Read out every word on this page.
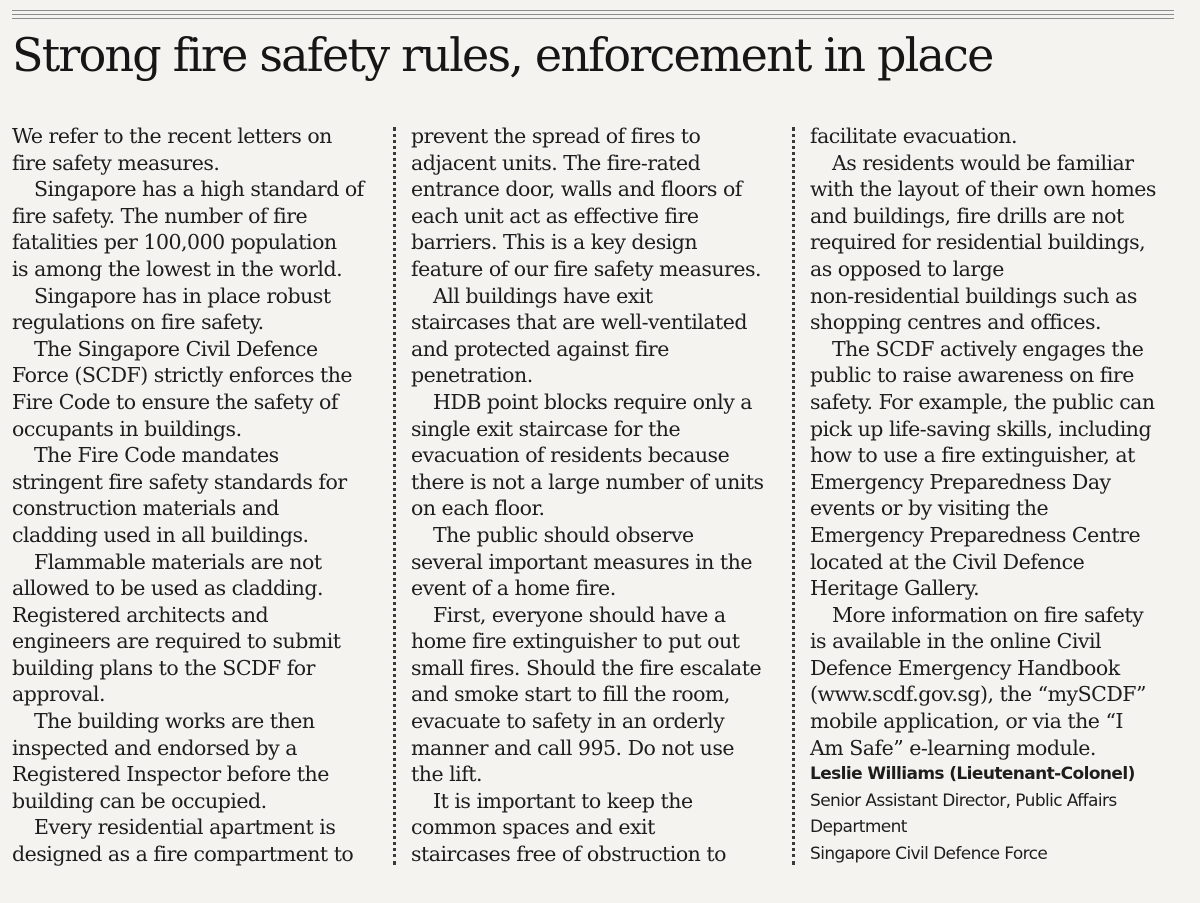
Strong fire safety rules, enforcement in place
We refer to the recent letters on
fire safety measures.
Singapore has a high standard of
fire safety. The number of fire
fatalities per 100,000 population
is among the lowest in the world.
Singapore has in place robust
regulations on fire safety.
The Singapore Civil Defence
Force (SCDF) strictly enforces the
Fire Code to ensure the safety of
occupants in buildings.
The Fire Code mandates
stringent fire safety standards for
construction materials and
cladding used in all buildings.
Flammable materials are not
allowed to be used as cladding.
Registered architects and
engineers are required to submit
building plans to the SCDF for
approval.
The building works are then
inspected and endorsed by a
Registered Inspector before the
building can be occupied.
Every residential apartment is
designed as a fire compartment to
prevent the spread of fires to
adjacent units. The fire-rated
entrance door, walls and floors of
each unit act as effective fire
barriers. This is a key design
feature of our fire safety measures.
All buildings have exit
staircases that are well-ventilated
and protected against fire
penetration.
HDB point blocks require only a
single exit staircase for the
evacuation of residents because
there is not a large number of units
on each floor.
The public should observe
several important measures in the
event of a home fire.
First, everyone should have a
home fire extinguisher to put out
small fires. Should the fire escalate
and smoke start to fill the room,
evacuate to safety in an orderly
manner and call 995. Do not use
the lift.
It is important to keep the
common spaces and exit
staircases free of obstruction to
facilitate evacuation.
As residents would be familiar
with the layout of their own homes
and buildings, fire drills are not
required for residential buildings,
as opposed to large
non-residential buildings such as
shopping centres and offices.
The SCDF actively engages the
public to raise awareness on fire
safety. For example, the public can
pick up life-saving skills, including
how to use a fire extinguisher, at
Emergency Preparedness Day
events or by visiting the
Emergency Preparedness Centre
located at the Civil Defence
Heritage Gallery.
More information on fire safety
is available in the online Civil
Defence Emergency Handbook
(www.scdf.gov.sg), the “mySCDF”
mobile application, or via the “I
Am Safe” e-learning module.
Leslie Williams (Lieutenant-Colonel)
Senior Assistant Director, Public Affairs
Department
Singapore Civil Defence Force
